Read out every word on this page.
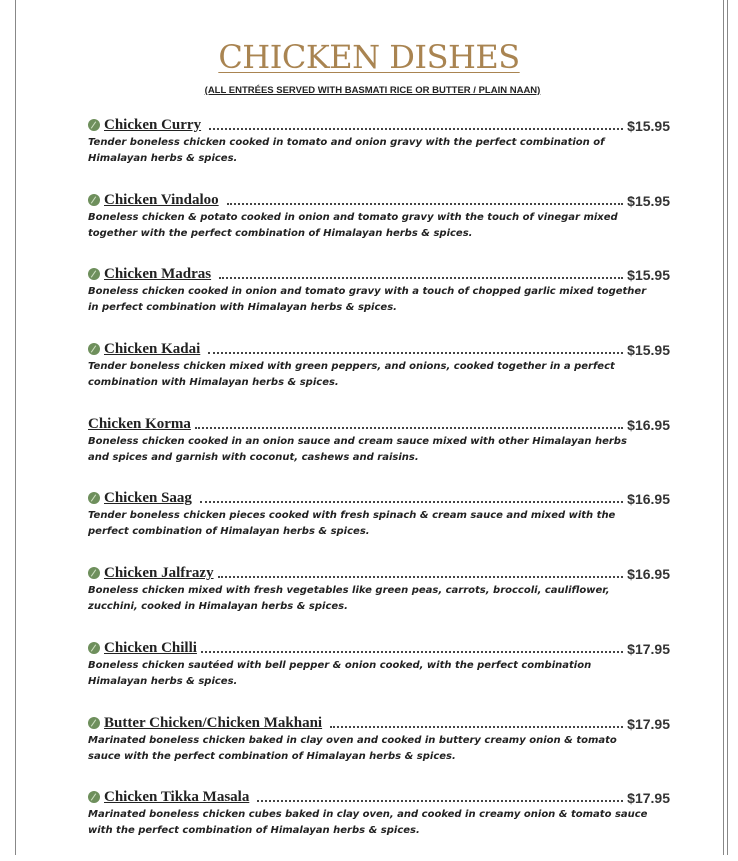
CHICKEN DISHES
(ALL ENTRÉES SERVED WITH BASMATI RICE OR BUTTER / PLAIN NAAN)
Chicken Curry	$15.95
Tender boneless chicken cooked in tomato and onion gravy with the perfect combination of Himalayan herbs & spices.
Chicken Vindaloo	$15.95
Boneless chicken & potato cooked in onion and tomato gravy with the touch of vinegar mixed together with the perfect combination of Himalayan herbs & spices.
Chicken Madras	$15.95
Boneless chicken cooked in onion and tomato gravy with a touch of chopped garlic mixed together in perfect combination with Himalayan herbs & spices.
Chicken Kadai	$15.95
Tender boneless chicken mixed with green peppers, and onions, cooked together in a perfect combination with Himalayan herbs & spices.
Chicken Korma	$16.95
Boneless chicken cooked in an onion sauce and cream sauce mixed with other Himalayan herbs and spices and garnish with coconut, cashews and raisins.
Chicken Saag	$16.95
Tender boneless chicken pieces cooked with fresh spinach & cream sauce and mixed with the perfect combination of Himalayan herbs & spices.
Chicken Jalfrazy	$16.95
Boneless chicken mixed with fresh vegetables like green peas, carrots, broccoli, cauliflower, zucchini, cooked in Himalayan herbs & spices.
Chicken Chilli	$17.95
Boneless chicken sautéed with bell pepper & onion cooked, with the perfect combination Himalayan herbs & spices.
Butter Chicken/Chicken Makhani	$17.95
Marinated boneless chicken baked in clay oven and cooked in buttery creamy onion & tomato sauce with the perfect combination of Himalayan herbs & spices.
Chicken Tikka Masala	$17.95
Marinated boneless chicken cubes baked in clay oven, and cooked in creamy onion & tomato sauce with the perfect combination of Himalayan herbs & spices.
